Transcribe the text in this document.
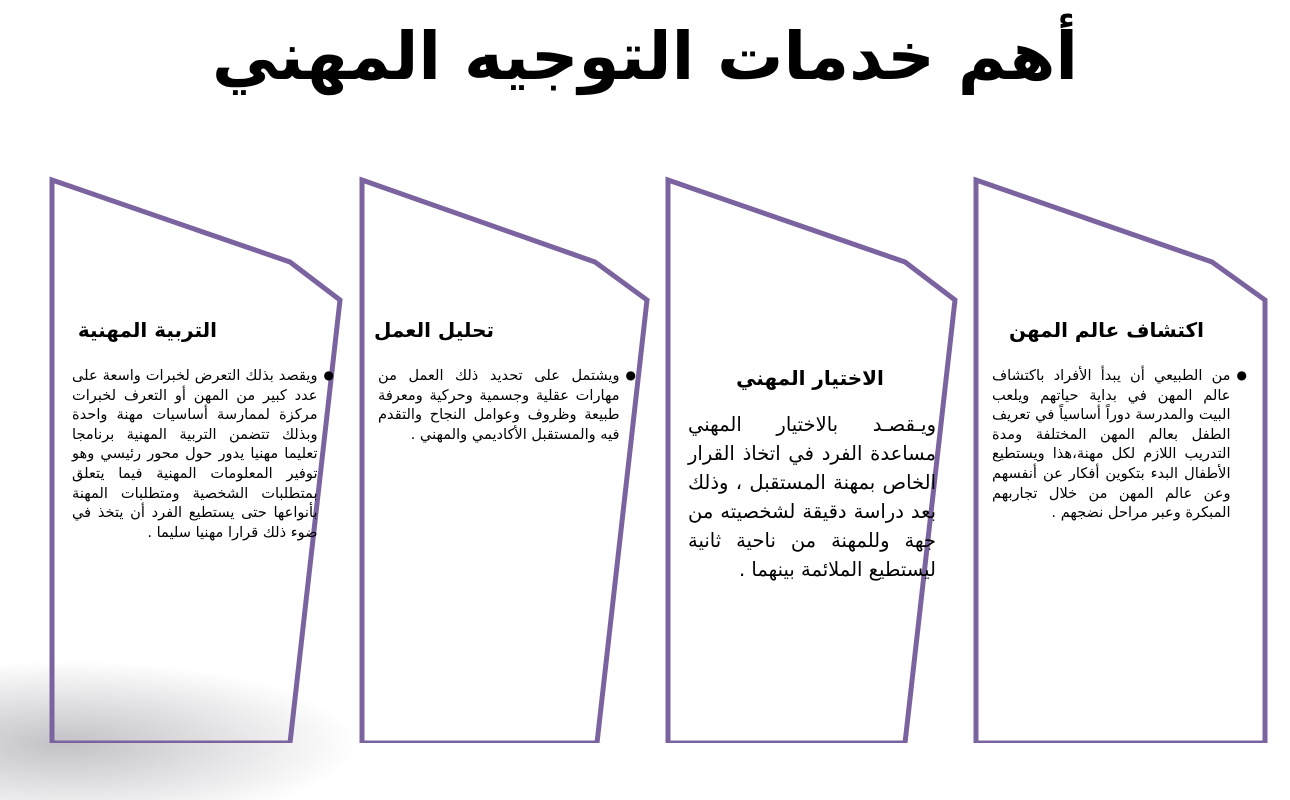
أهم خدمات التوجيه المهني
اكتشاف عالم المهن
●
من الطبيعي أن يبدأ الأفراد باكتشاف عالم المهن في بداية حياتهم ويلعب البيت والمدرسة دوراً أساسياً في تعريف الطفل بعالم المهن المختلفة ومدة التدريب اللازم لكل مهنة،هذا ويستطيع الأطفال البدء بتكوين أفكار عن أنفسهم وعن عالم المهن من خلال تجاربهم المبكرة وعبر مراحل نضجهم .
الاختيار المهني
ويـقصـد بالاختيار المهني مساعدة الفرد في اتخاذ القرار الخاص بمهنة المستقبل ، وذلك بعد دراسة دقيقة لشخصيته من جهة وللمهنة من ناحية ثانية ليستطيع الملائمة بينهما .
تحليل العمل
●
ويشتمل على تحديد ذلك العمل من مهارات عقلية وجسمية وحركية ومعرفة طبيعة وظروف وعوامل النجاح والتقدم فيه والمستقبل الأكاديمي والمهني .
التربية المهنية
●
ويقصد بذلك التعرض لخبرات واسعة على عدد كبير من المهن أو التعرف لخبرات مركزة لممارسة أساسيات مهنة واحدة وبذلك تتضمن التربية المهنية برنامجا تعليما مهنيا يدور حول محور رئيسي وهو توفير المعلومات المهنية فيما يتعلق بمتطلبات الشخصية ومتطلبات المهنة بأنواعها حتى يستطيع الفرد أن يتخذ في ضوء ذلك قرارا مهنيا سليما .
